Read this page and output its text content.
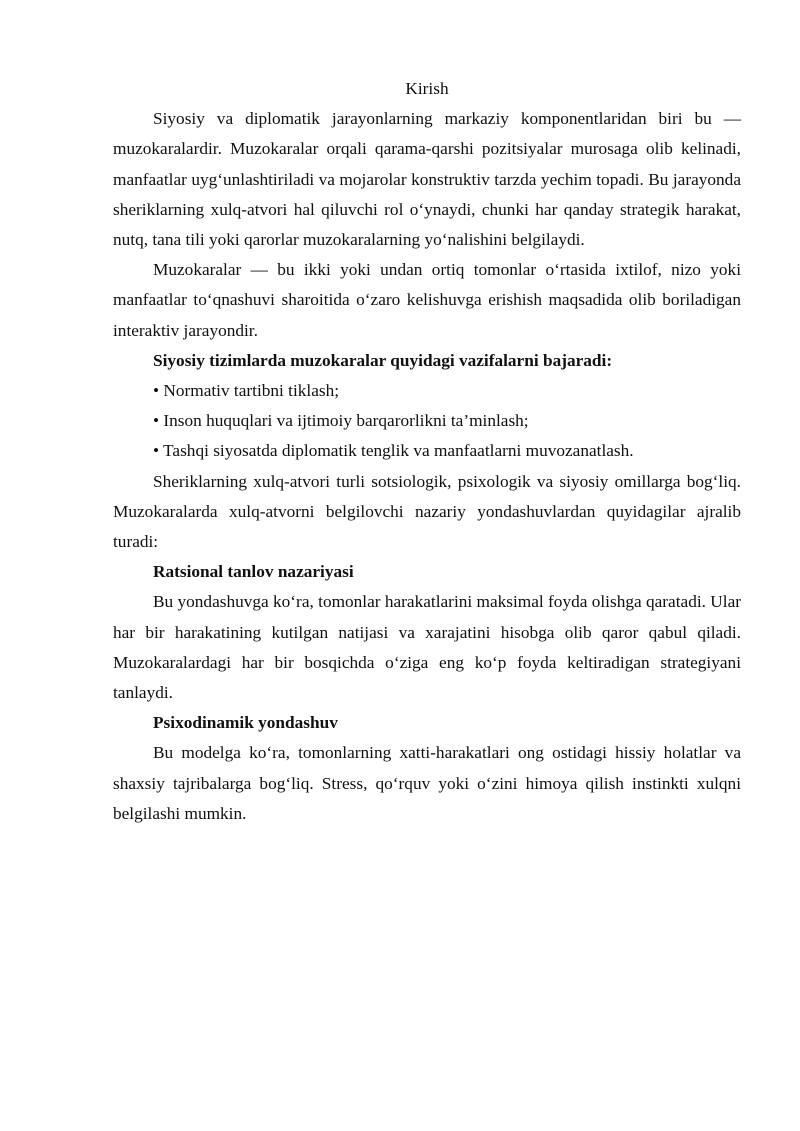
Kirish

Siyosiy va diplomatik jarayonlarning markaziy komponentlaridan biri bu — muzokaralardir. Muzokaralar orqali qarama-qarshi pozitsiyalar murosaga olib kelinadi, manfaatlar uyg‘unlashtiriladi va mojarolar konstruktiv tarzda yechim topadi. Bu jarayonda sheriklarning xulq-atvori hal qiluvchi rol o‘ynaydi, chunki har qanday strategik harakat, nutq, tana tili yoki qarorlar muzokaralarning yo‘nalishini belgilaydi.

Muzokaralar — bu ikki yoki undan ortiq tomonlar o‘rtasida ixtilof, nizo yoki manfaatlar to‘qnashuvi sharoitida o‘zaro kelishuvga erishish maqsadida olib boriladigan interaktiv jarayondir.

Siyosiy tizimlarda muzokaralar quyidagi vazifalarni bajaradi:

• Normativ tartibni tiklash;

• Inson huquqlari va ijtimoiy barqarorlikni ta’minlash;

• Tashqi siyosatda diplomatik tenglik va manfaatlarni muvozanatlash.

Sheriklarning xulq-atvori turli sotsiologik, psixologik va siyosiy omillarga bog‘liq. Muzokaralarda xulq-atvorni belgilovchi nazariy yondashuvlardan quyidagilar ajralib turadi:

Ratsional tanlov nazariyasi

Bu yondashuvga ko‘ra, tomonlar harakatlarini maksimal foyda olishga qaratadi. Ular har bir harakatining kutilgan natijasi va xarajatini hisobga olib qaror qabul qiladi. Muzokaralardagi har bir bosqichda o‘ziga eng ko‘p foyda keltiradigan strategiyani tanlaydi.

Psixodinamik yondashuv

Bu modelga ko‘ra, tomonlarning xatti-harakatlari ong ostidagi hissiy holatlar va shaxsiy tajribalarga bog‘liq. Stress, qo‘rquv yoki o‘zini himoya qilish instinkti xulqni belgilashi mumkin.
